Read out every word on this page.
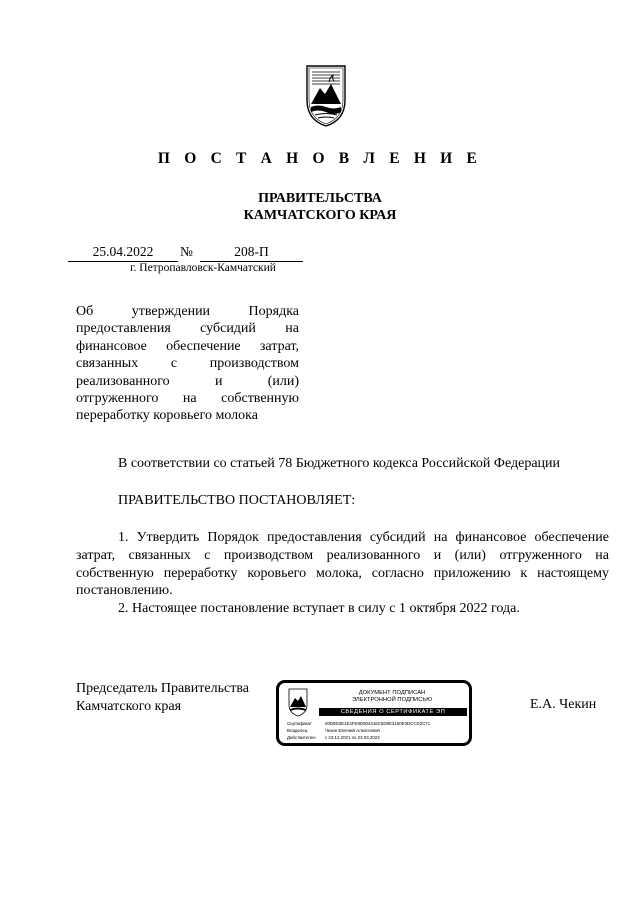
П О С Т А Н О В Л Е Н И Е
ПРАВИТЕЛЬСТВА
КАМЧАТСКОГО КРАЯ
25.04.2022	№	208-П
г. Петропавловск-Камчатский
Об утверждении Порядка
предоставления субсидий на
финансовое обеспечение затрат,
связанных с производством
реализованного и (или)
отгруженного на собственную
переработку коровьего молока
В соответствии со статьей 78 Бюджетного кодекса Российской Федерации
ПРАВИТЕЛЬСТВО ПОСТАНОВЛЯЕТ:

1. Утвердить Порядок предоставления субсидий на финансовое обеспечение затрат, связанных с производством реализованного и (или) отгруженного на собственную переработку коровьего молока, согласно приложению к настоящему постановлению.

2. Настоящее постановление вступает в силу с 1 октября 2022 года.

Председатель Правительства
Камчатского края
ДОКУМЕНТ ПОДПИСАН
ЭЛЕКТРОННОЙ ПОДПИСЬЮ
СВЕДЕНИЯ О СЕРТИФИКАТЕ ЭП
Сертификат	00D8D3E1E4FE8D904416C5D8E3160E3DCCD2C71
Владелец	Чекин Евгений Алексеевич
Действителен с 23.12.2021 по 23.03.2023
Е.А. Чекин
